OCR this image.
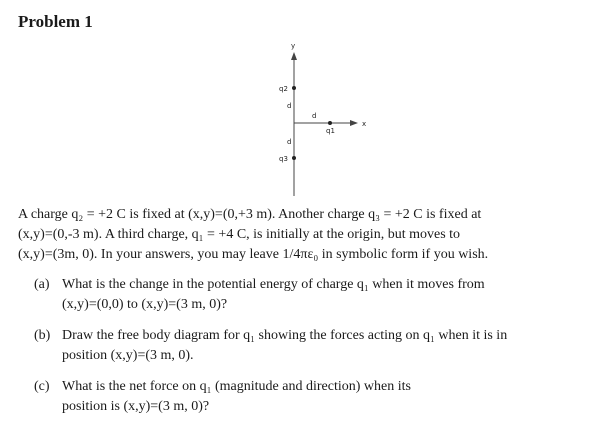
Problem 1
y
x
q2
q3
q1
d
d
d
A charge q₂ = +2 C is fixed at (x,y)=(0,+3 m). Another charge q₃ = +2 C is fixed at
(x,y)=(0,-3 m). A third charge, q₁ = +4 C, is initially at the origin, but moves to
(x,y)=(3m, 0). In your answers, you may leave 1/4πε₀ in symbolic form if you wish.
(a) What is the change in the potential energy of charge q₁ when it moves from
(x,y)=(0,0) to (x,y)=(3 m, 0)?
(b) Draw the free body diagram for q₁ showing the forces acting on q₁ when it is in
position (x,y)=(3 m, 0).
(c) What is the net force on q₁ (magnitude and direction) when its
position is (x,y)=(3 m, 0)?
